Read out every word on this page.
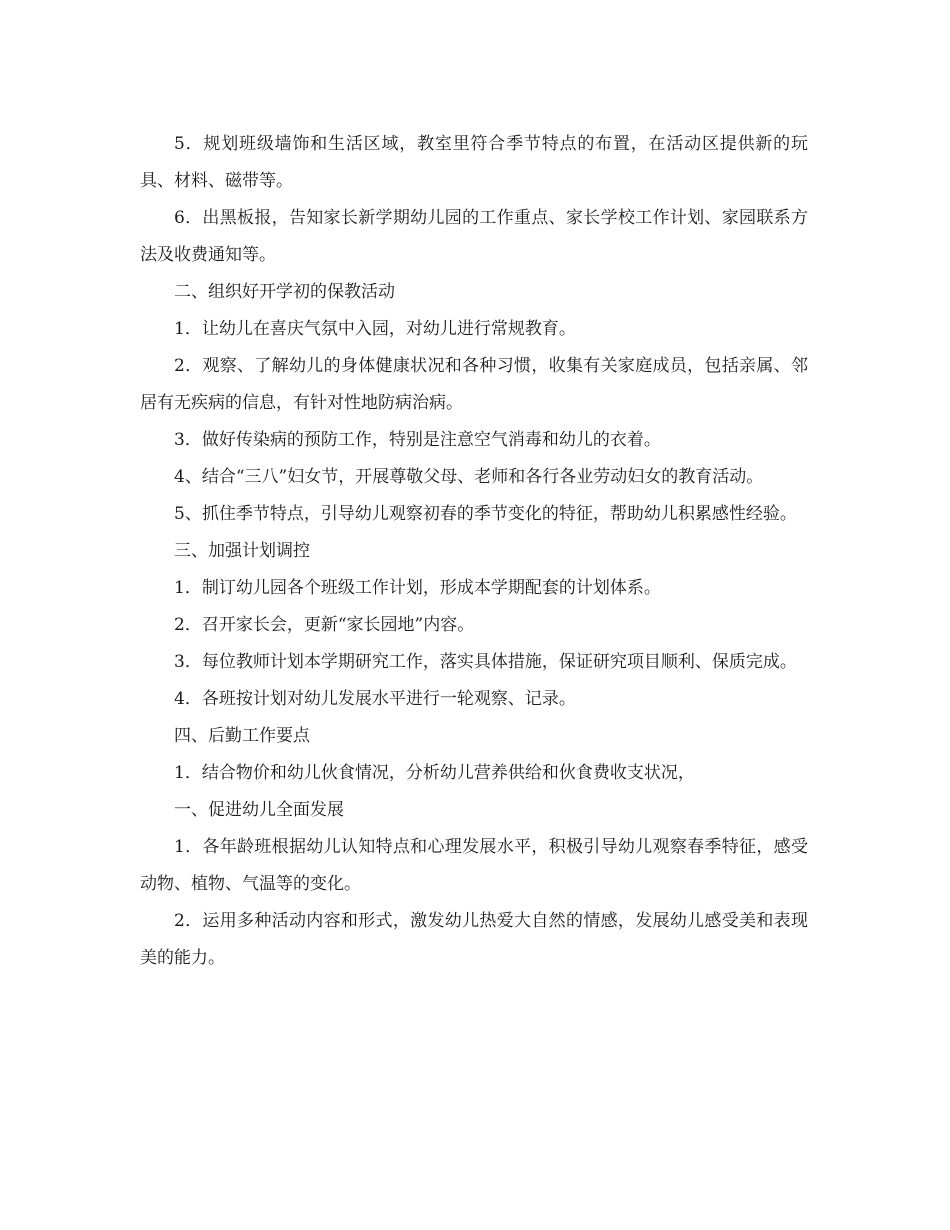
5．规划班级墙饰和生活区域，教室里符合季节特点的布置，在活动区提供新的玩具、材料、磁带等。

6．出黑板报，告知家长新学期幼儿园的工作重点、家长学校工作计划、家园联系方法及收费通知等。

二、组织好开学初的保教活动

1．让幼儿在喜庆气氛中入园，对幼儿进行常规教育。

2．观察、了解幼儿的身体健康状况和各种习惯，收集有关家庭成员，包括亲属、邻居有无疾病的信息，有针对性地防病治病。

3．做好传染病的预防工作，特别是注意空气消毒和幼儿的衣着。

4、结合“三八”妇女节，开展尊敬父母、老师和各行各业劳动妇女的教育活动。

5、抓住季节特点，引导幼儿观察初春的季节变化的特征，帮助幼儿积累感性经验。

三、加强计划调控

1．制订幼儿园各个班级工作计划，形成本学期配套的计划体系。

2．召开家长会，更新“家长园地”内容。

3．每位教师计划本学期研究工作，落实具体措施，保证研究项目顺利、保质完成。

4．各班按计划对幼儿发展水平进行一轮观察、记录。

四、后勤工作要点

1．结合物价和幼儿伙食情况，分析幼儿营养供给和伙食费收支状况，

一、促进幼儿全面发展

1．各年龄班根据幼儿认知特点和心理发展水平，积极引导幼儿观察春季特征，感受动物、植物、气温等的变化。

2．运用多种活动内容和形式，激发幼儿热爱大自然的情感，发展幼儿感受美和表现美的能力。
